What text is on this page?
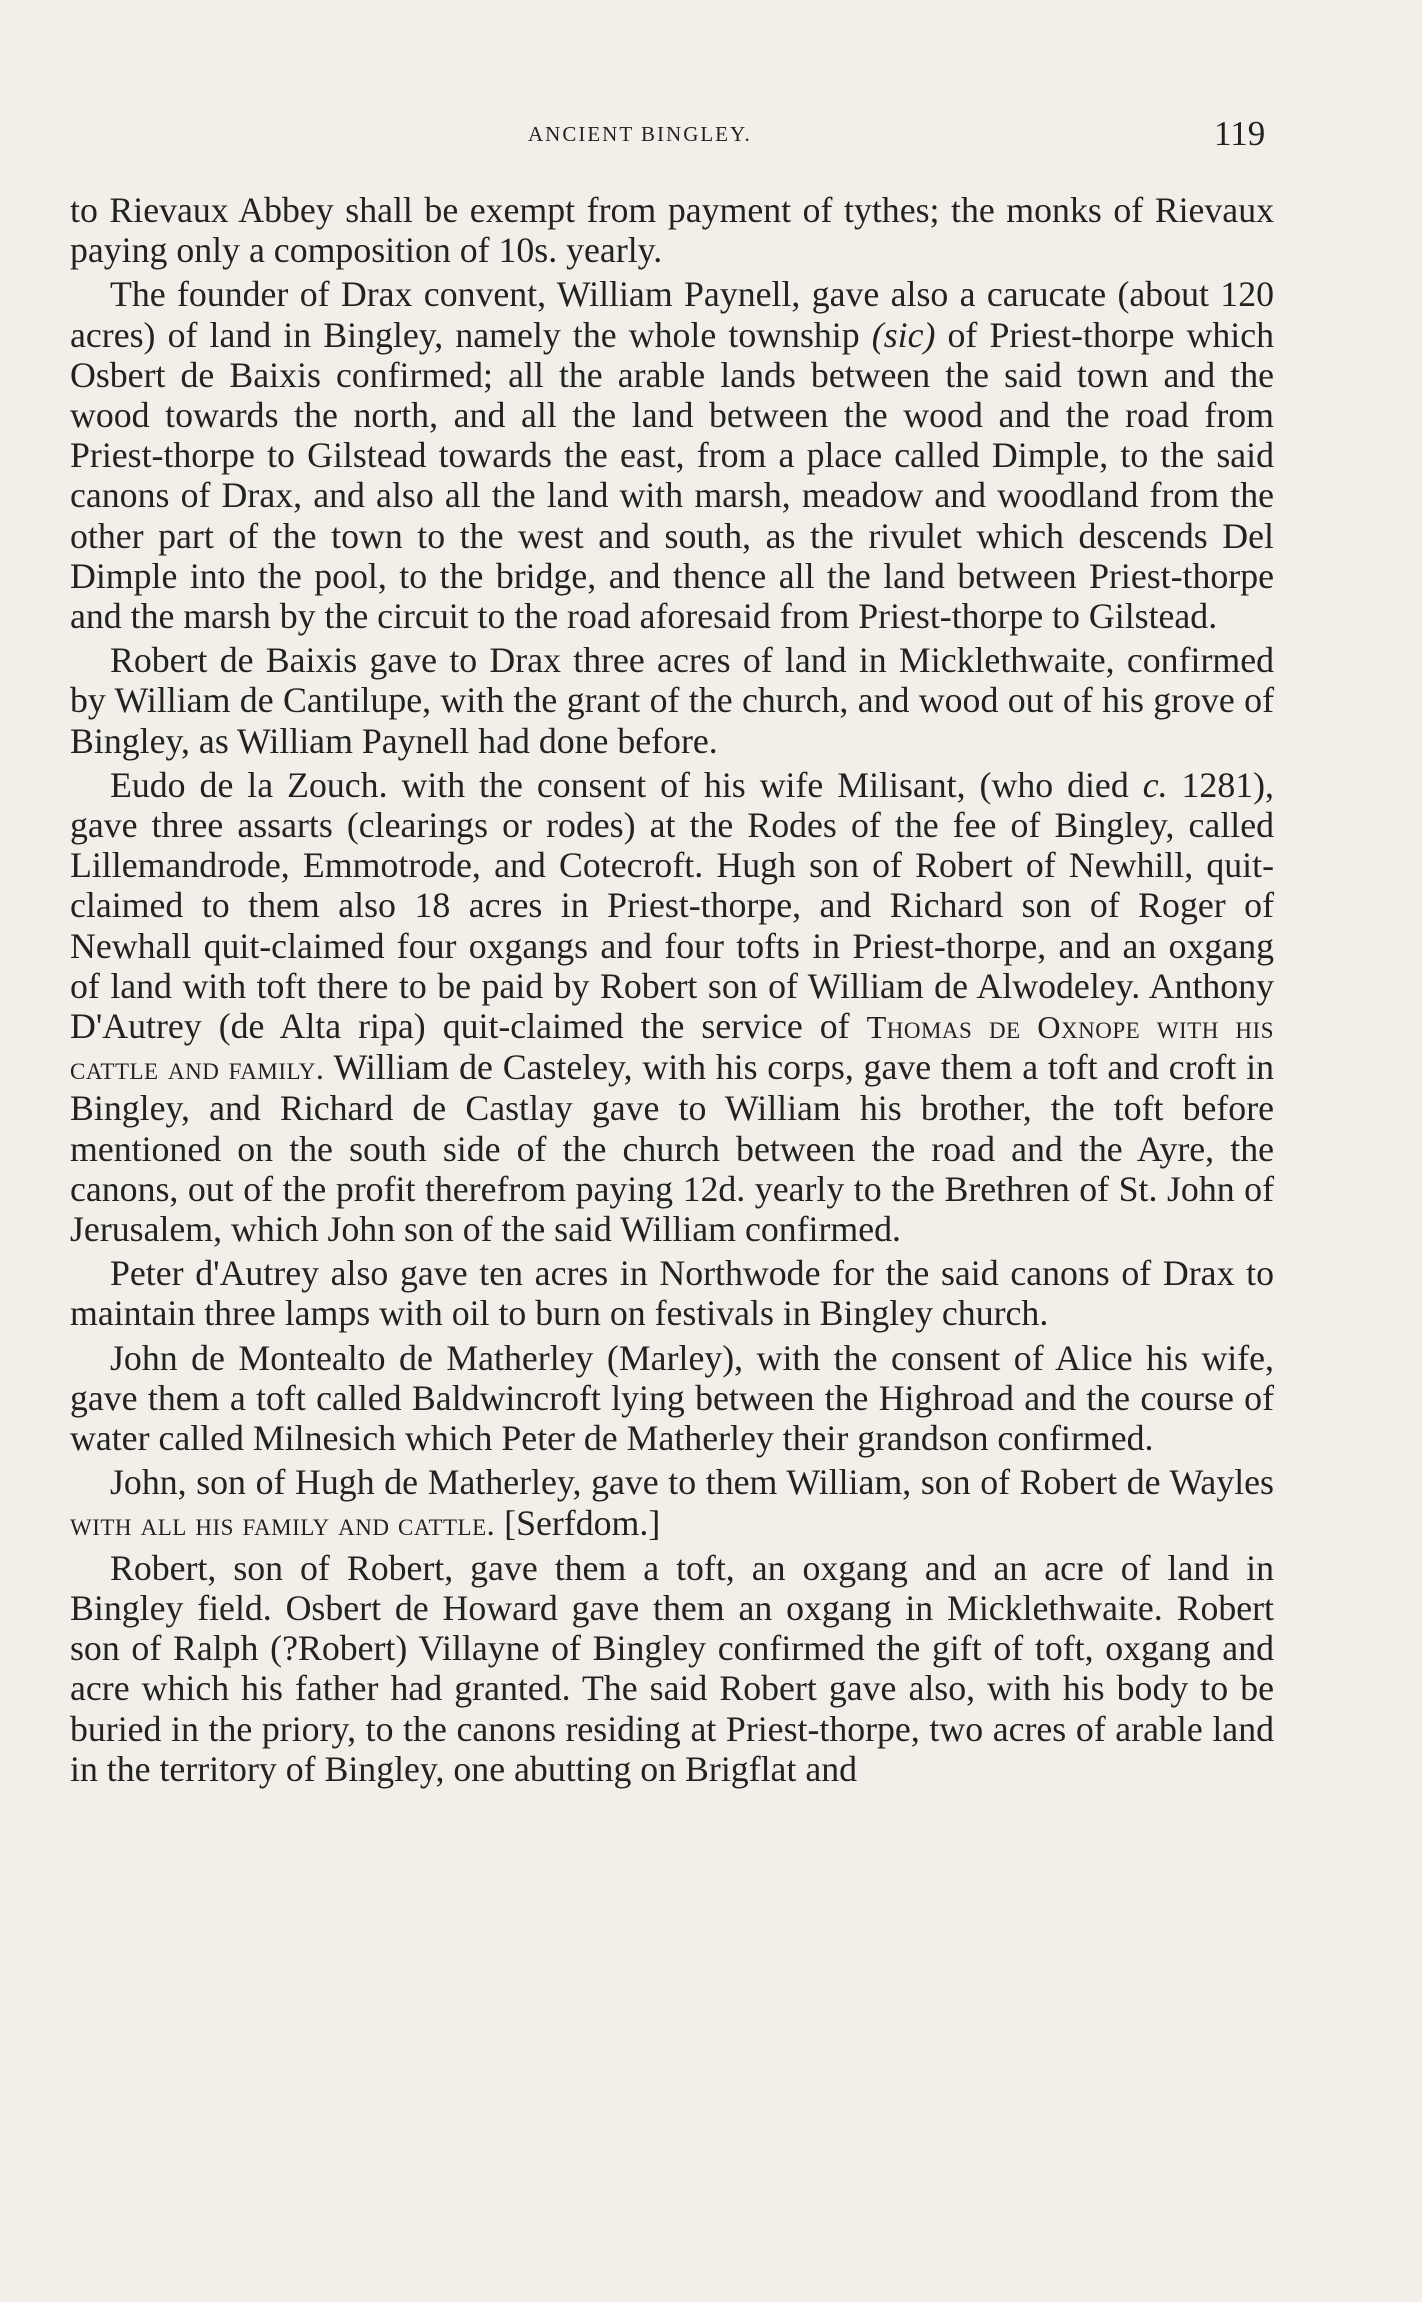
ANCIENT BINGLEY.	119

to Rievaux Abbey shall be exempt from payment of tythes; the monks of Rievaux paying only a composition of 10s. yearly.

The founder of Drax convent, William Paynell, gave also a carucate (about 120 acres) of land in Bingley, namely the whole township (sic) of Priest-thorpe which Osbert de Baixis confirmed; all the arable lands between the said town and the wood towards the north, and all the land between the wood and the road from Priest-thorpe to Gilstead towards the east, from a place called Dimple, to the said canons of Drax, and also all the land with marsh, meadow and woodland from the other part of the town to the west and south, as the rivulet which descends Del Dimple into the pool, to the bridge, and thence all the land between Priest-thorpe and the marsh by the circuit to the road aforesaid from Priest-thorpe to Gilstead.

Robert de Baixis gave to Drax three acres of land in Micklethwaite, confirmed by William de Cantilupe, with the grant of the church, and wood out of his grove of Bingley, as William Paynell had done before.

Eudo de la Zouch. with the consent of his wife Milisant, (who died c. 1281), gave three assarts (clearings or rodes) at the Rodes of the fee of Bingley, called Lillemandrode, Emmotrode, and Cotecroft. Hugh son of Robert of Newhill, quit-claimed to them also 18 acres in Priest-thorpe, and Richard son of Roger of Newhall quit-claimed four oxgangs and four tofts in Priest-thorpe, and an oxgang of land with toft there to be paid by Robert son of William de Alwodeley. Anthony D'Autrey (de Alta ripa) quit-claimed the service of Thomas de Oxnope with his cattle and family. William de Casteley, with his corps, gave them a toft and croft in Bingley, and Richard de Castlay gave to William his brother, the toft before mentioned on the south side of the church between the road and the Ayre, the canons, out of the profit therefrom paying 12d. yearly to the Brethren of St. John of Jerusalem, which John son of the said William confirmed.

Peter d'Autrey also gave ten acres in Northwode for the said canons of Drax to maintain three lamps with oil to burn on festivals in Bingley church.

John de Montealto de Matherley (Marley), with the consent of Alice his wife, gave them a toft called Baldwincroft lying between the Highroad and the course of water called Milnesich which Peter de Matherley their grandson confirmed.

John, son of Hugh de Matherley, gave to them William, son of Robert de Wayles with all his family and cattle. [Serfdom.]

Robert, son of Robert, gave them a toft, an oxgang and an acre of land in Bingley field. Osbert de Howard gave them an oxgang in Micklethwaite. Robert son of Ralph (?Robert) Villayne of Bingley confirmed the gift of toft, oxgang and acre which his father had granted. The said Robert gave also, with his body to be buried in the priory, to the canons residing at Priest-thorpe, two acres of arable land in the territory of Bingley, one abutting on Brigflat and
